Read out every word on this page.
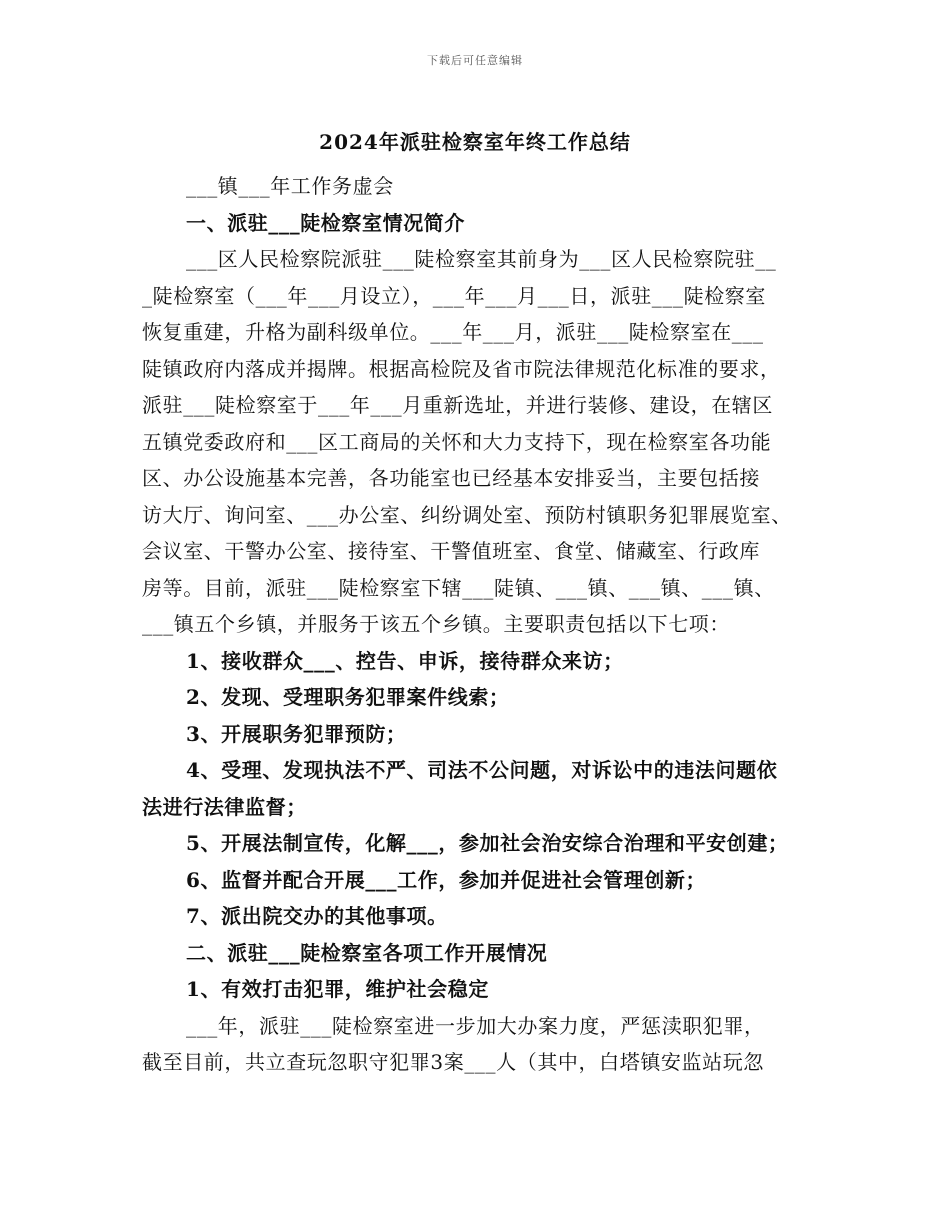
下载后可任意编辑
2024年派驻检察室年终工作总结
___镇___年工作务虚会
一、派驻___陡检察室情况简介
___区人民检察院派驻___陡检察室其前身为___区人民检察院驻__
_陡检察室（___年___月设立），___年___月___日，派驻___陡检察室
恢复重建，升格为副科级单位。___年___月，派驻___陡检察室在___
陡镇政府内落成并揭牌。根据高检院及省市院法律规范化标准的要求，
派驻___陡检察室于___年___月重新选址，并进行装修、建设，在辖区
五镇党委政府和___区工商局的关怀和大力支持下，现在检察室各功能
区、办公设施基本完善，各功能室也已经基本安排妥当，主要包括接
访大厅、询问室、___办公室、纠纷调处室、预防村镇职务犯罪展览室、
会议室、干警办公室、接待室、干警值班室、食堂、储藏室、行政库
房等。目前，派驻___陡检察室下辖___陡镇、___镇、___镇、___镇、
___镇五个乡镇，并服务于该五个乡镇。主要职责包括以下七项：
1、接收群众___、控告、申诉，接待群众来访；
2、发现、受理职务犯罪案件线索；
3、开展职务犯罪预防；
4、受理、发现执法不严、司法不公问题，对诉讼中的违法问题依
法进行法律监督；
5、开展法制宣传，化解___，参加社会治安综合治理和平安创建；
6、监督并配合开展___工作，参加并促进社会管理创新；
7、派出院交办的其他事项。
二、派驻___陡检察室各项工作开展情况
1、有效打击犯罪，维护社会稳定
___年，派驻___陡检察室进一步加大办案力度，严惩渎职犯罪，
截至目前，共立查玩忽职守犯罪3案___人（其中，白塔镇安监站玩忽
